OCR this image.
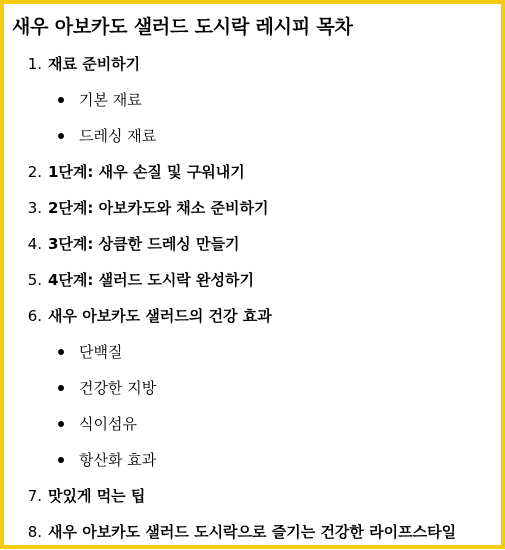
새우 아보카도 샐러드 도시락 레시피 목차
1. 재료 준비하기
기본 재료
드레싱 재료
2. 1단계: 새우 손질 및 구워내기
3. 2단계: 아보카도와 채소 준비하기
4. 3단계: 상큼한 드레싱 만들기
5. 4단계: 샐러드 도시락 완성하기
6. 새우 아보카도 샐러드의 건강 효과
단백질
건강한 지방
식이섬유
항산화 효과
7. 맛있게 먹는 팁
8. 새우 아보카도 샐러드 도시락으로 즐기는 건강한 라이프스타일
